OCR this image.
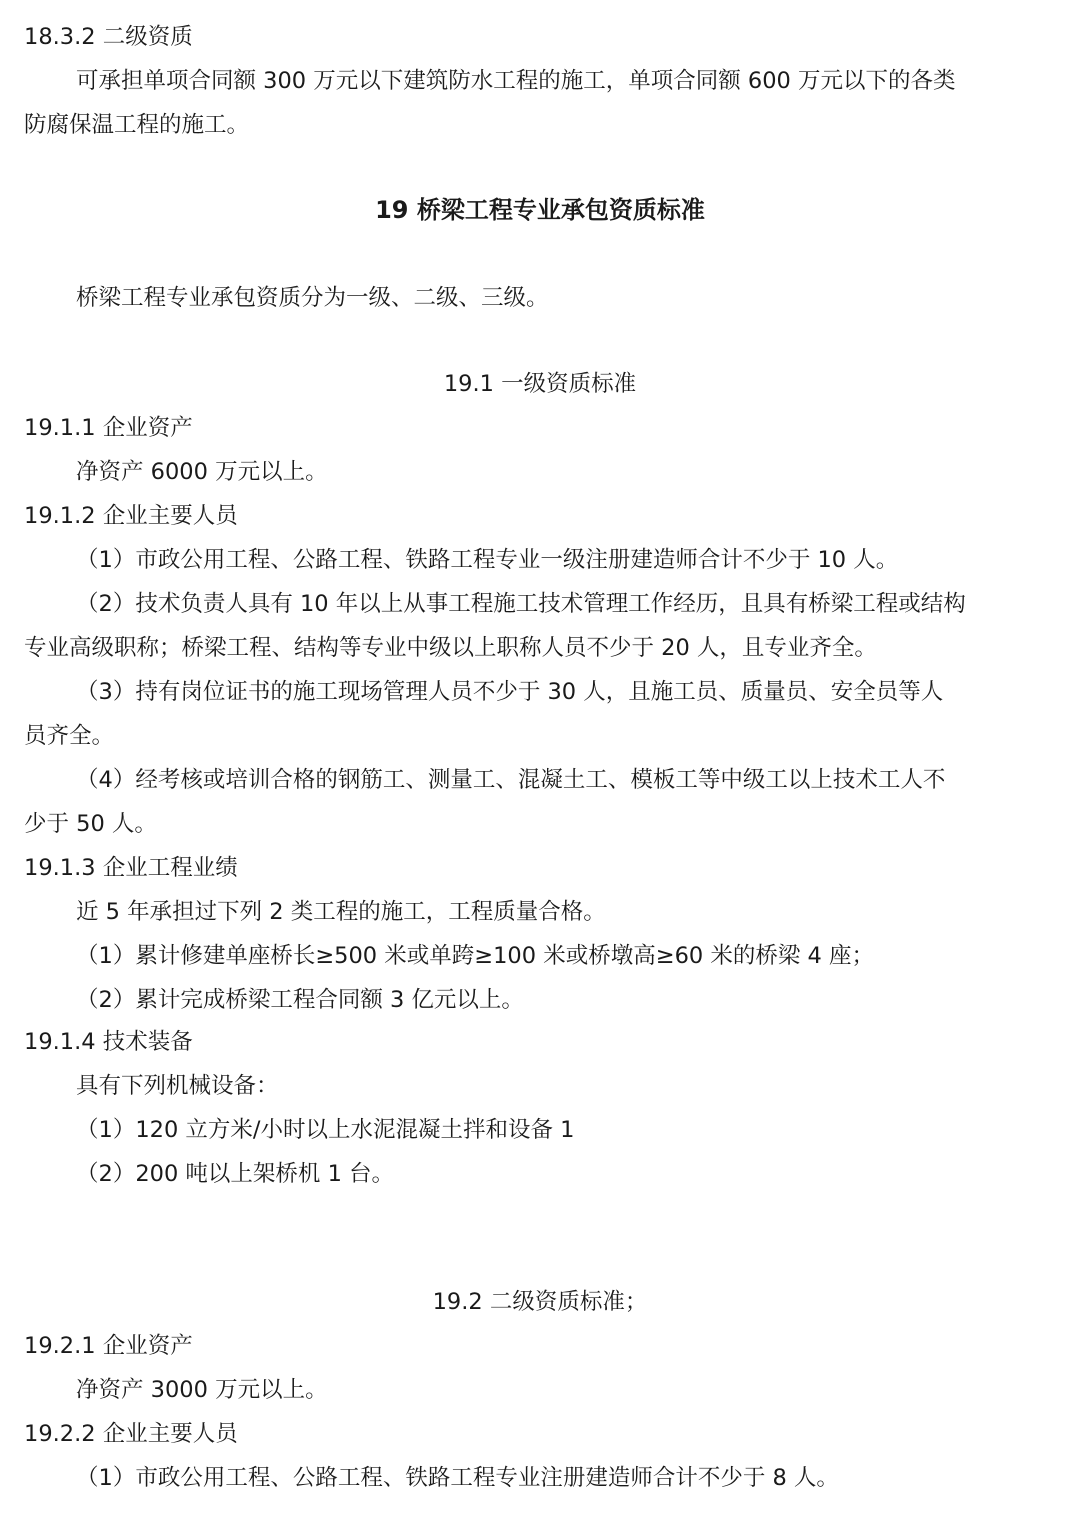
18.3.2 二级资质
可承担单项合同额 300 万元以下建筑防水工程的施工，单项合同额 600 万元以下的各类
防腐保温工程的施工。
19 桥梁工程专业承包资质标准
桥梁工程专业承包资质分为一级、二级、三级。
19.1 一级资质标准
19.1.1 企业资产
净资产 6000 万元以上。
19.1.2 企业主要人员
（1）市政公用工程、公路工程、铁路工程专业一级注册建造师合计不少于 10 人。
（2）技术负责人具有 10 年以上从事工程施工技术管理工作经历，且具有桥梁工程或结构
专业高级职称；桥梁工程、结构等专业中级以上职称人员不少于 20 人，且专业齐全。
（3）持有岗位证书的施工现场管理人员不少于 30 人，且施工员、质量员、安全员等人
员齐全。
（4）经考核或培训合格的钢筋工、测量工、混凝土工、模板工等中级工以上技术工人不
少于 50 人。
19.1.3 企业工程业绩
近 5 年承担过下列 2 类工程的施工，工程质量合格。
（1）累计修建单座桥长≥500 米或单跨≥100 米或桥墩高≥60 米的桥梁 4 座；
（2）累计完成桥梁工程合同额 3 亿元以上。
19.1.4 技术装备
具有下列机械设备：
（1）120 立方米/小时以上水泥混凝土拌和设备 1
（2）200 吨以上架桥机 1 台。
19.2 二级资质标准；
19.2.1 企业资产
净资产 3000 万元以上。
19.2.2 企业主要人员
（1）市政公用工程、公路工程、铁路工程专业注册建造师合计不少于 8 人。
